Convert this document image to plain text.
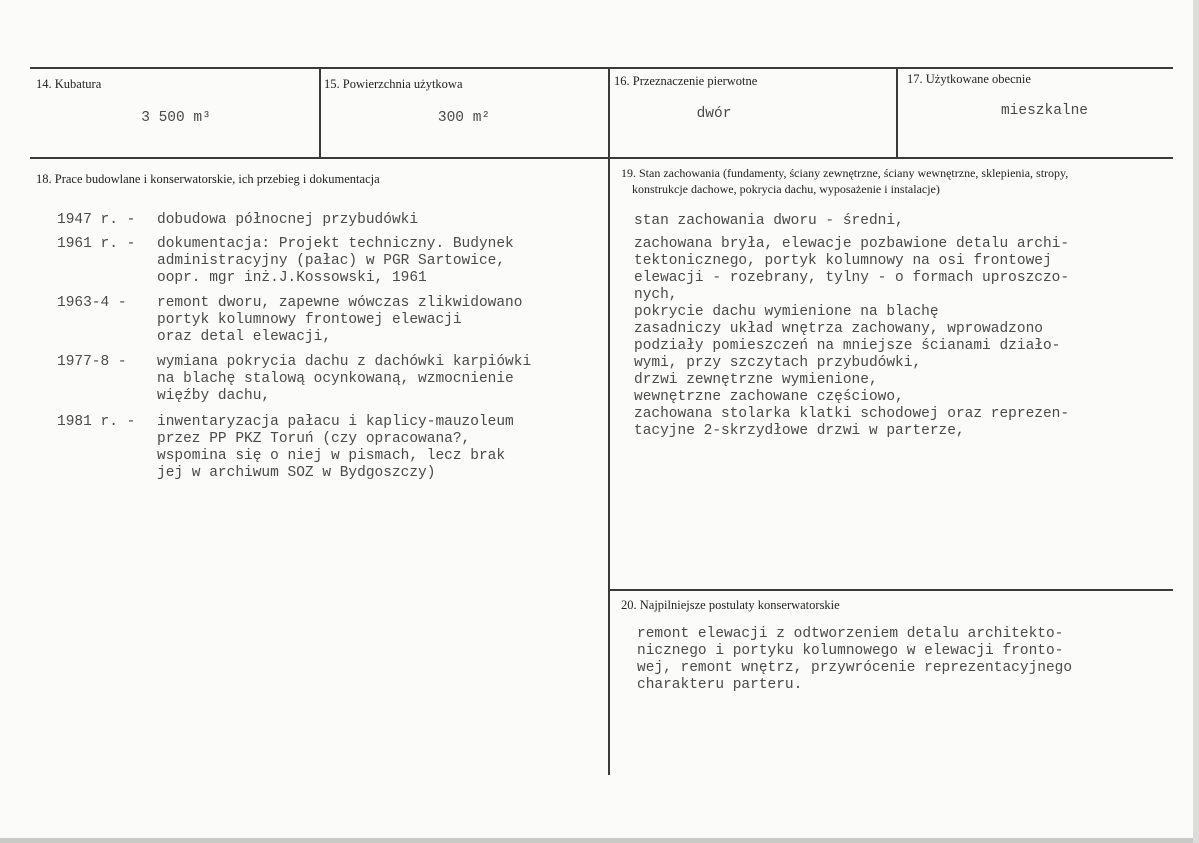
14. Kubatura
3 500 m³
15. Powierzchnia użytkowa
300 m²
16. Przeznaczenie pierwotne
dwór
17. Użytkowane obecnie
mieszkalne
18. Prace budowlane i konserwatorskie, ich przebieg i dokumentacja
1947 r. -	dobudowa północnej przybudówki
1961 r. -	dokumentacja: Projekt techniczny. Budynek
administracyjny (pałac) w PGR Sartowice,
oopr. mgr inż.J.Kossowski, 1961
1963-4 -	remont dworu, zapewne wówczas zlikwidowano
portyk kolumnowy frontowej elewacji
oraz detal elewacji,
1977-8 -	wymiana pokrycia dachu z dachówki karpiówki
na blachę stalową ocynkowaną, wzmocnienie
więźby dachu,
1981 r. -	inwentaryzacja pałacu i kaplicy-mauzoleum
przez PP PKZ Toruń (czy opracowana?,
wspomina się o niej w pismach, lecz brak
jej w archiwum SOZ w Bydgoszczy)
19. Stan zachowania (fundamenty, ściany zewnętrzne, ściany wewnętrzne, sklepienia, stropy,
konstrukcje dachowe, pokrycia dachu, wyposażenie i instalacje)
stan zachowania dworu - średni,
zachowana bryła, elewacje pozbawione detalu archi-
tektonicznego, portyk kolumnowy na osi frontowej
elewacji - rozebrany, tylny - o formach uproszczo-
nych,
pokrycie dachu wymienione na blachę
zasadniczy układ wnętrza zachowany, wprowadzono
podziały pomieszczeń na mniejsze ścianami działo-
wymi, przy szczytach przybudówki,
drzwi zewnętrzne wymienione,
wewnętrzne zachowane częściowo,
zachowana stolarka klatki schodowej oraz reprezen-
tacyjne 2-skrzydłowe drzwi w parterze,
20. Najpilniejsze postulaty konserwatorskie
remont elewacji z odtworzeniem detalu architekto-
nicznego i portyku kolumnowego w elewacji fronto-
wej, remont wnętrz, przywrócenie reprezentacyjnego
charakteru parteru.
